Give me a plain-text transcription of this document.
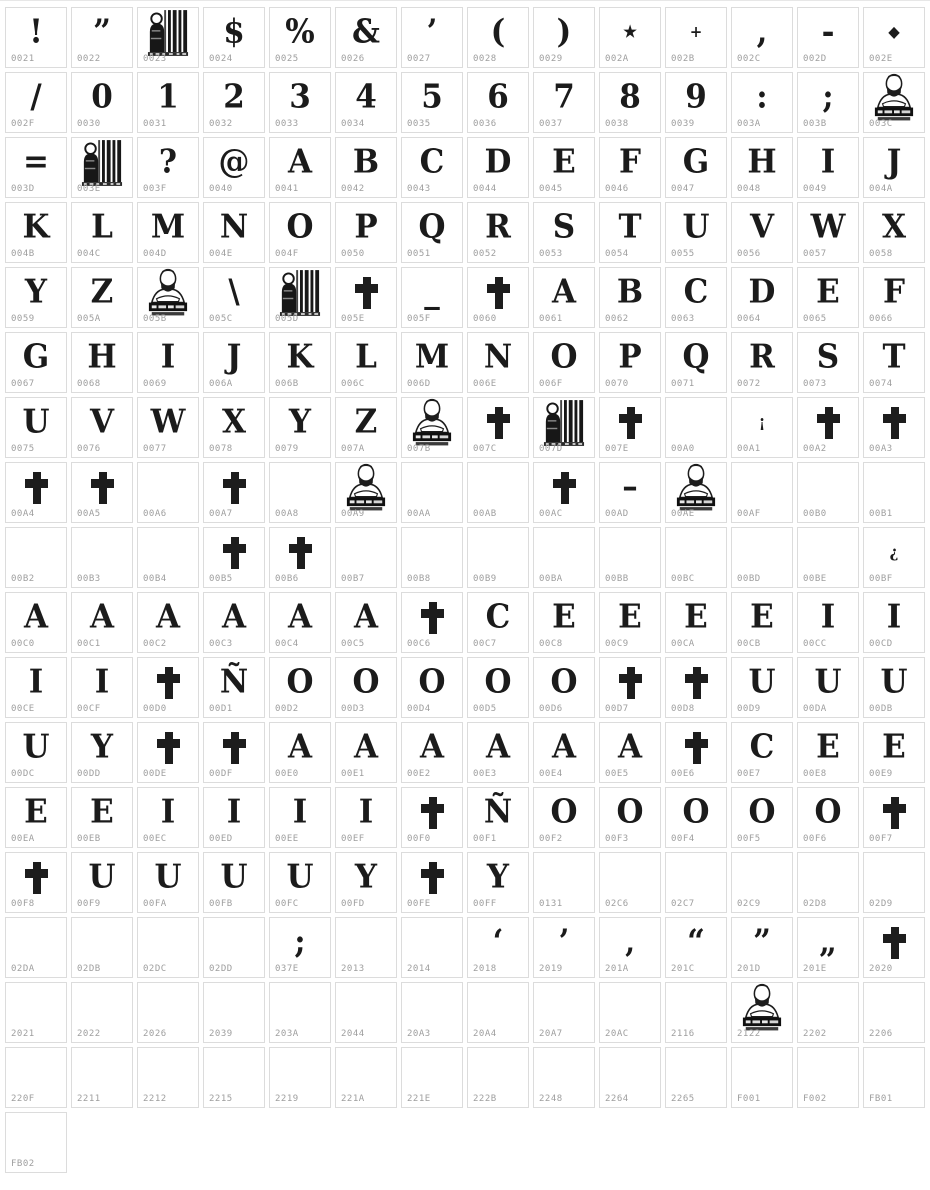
!
0021
”
0022	0023
$
0024
%
0025
&
0026
’
0027
(
0028
)
0029
★
002A
+
002B
,
002C
-
002D
◆
002E
/
002F
0
0030
1
0031
2
0032
3
0033
4
0034
5
0035
6
0036
7
0037
8
0038
9
0039
:
003A
;
003B	003C
=
003D	003E
?
003F
@
0040
A
0041
B
0042
C
0043
D
0044
E
0045
F
0046
G
0047
H
0048
I
0049
J
004A
K
004B
L
004C
M
004D
N
004E
O
004F
P
0050
Q
0051
R
0052
S
0053
T
0054
U
0055
V
0056
W
0057
X
0058
Y
0059
Z
005A	005B
\
005C	005D	005E
_
005F	0060
A
0061
B
0062
C
0063
D
0064
E
0065
F
0066
G
0067
H
0068
I
0069
J
006A
K
006B
L
006C
M
006D
N
006E
O
006F
P
0070
Q
0071
R
0072
S
0073
T
0074
U
0075
V
0076
W
0077
X
0078
Y
0079
Z
007A	007B	007C	007D	007E	00A0
¡
00A1	00A2	00A3
00A4	00A5	00A6	00A7	00A8	00A9	00AA	00AB	00AC
–
00AD	00AE	00AF	00B0	00B1
00B2	00B3	00B4	00B5	00B6	00B7	00B8	00B9	00BA	00BB	00BC	00BD	00BE
¿
00BF
A
00C0
A
00C1
A
00C2
A
00C3
A
00C4
A
00C5	00C6
C
00C7
E
00C8
E
00C9
E
00CA
E
00CB
I
00CC
I
00CD
I
00CE
I
00CF	00D0
Ñ
00D1
O
00D2
O
00D3
O
00D4
O
00D5
O
00D6	00D7	00D8
U
00D9
U
00DA
U
00DB
U
00DC
Y
00DD	00DE	00DF
A
00E0
A
00E1
A
00E2
A
00E3
A
00E4
A
00E5	00E6
C
00E7
E
00E8
E
00E9
E
00EA
E
00EB
I
00EC
I
00ED
I
00EE
I
00EF	00F0
Ñ
00F1
O
00F2
O
00F3
O
00F4
O
00F5
O
00F6	00F7
00F8
U
00F9
U
00FA
U
00FB
U
00FC
Y
00FD	00FE
Y
00FF	0131	02C6	02C7	02C9	02D8	02D9
02DA	02DB	02DC	02DD
;
037E	2013	2014
‘
2018
’
2019
‚
201A
“
201C
”
201D
„
201E	2020
2021	2022	2026	2039	203A	2044	20A3	20A4	20A7	20AC	2116	2122	2202	2206
220F	2211	2212	2215	2219	221A	221E	222B	2248	2264	2265	F001	F002	FB01
FB02
